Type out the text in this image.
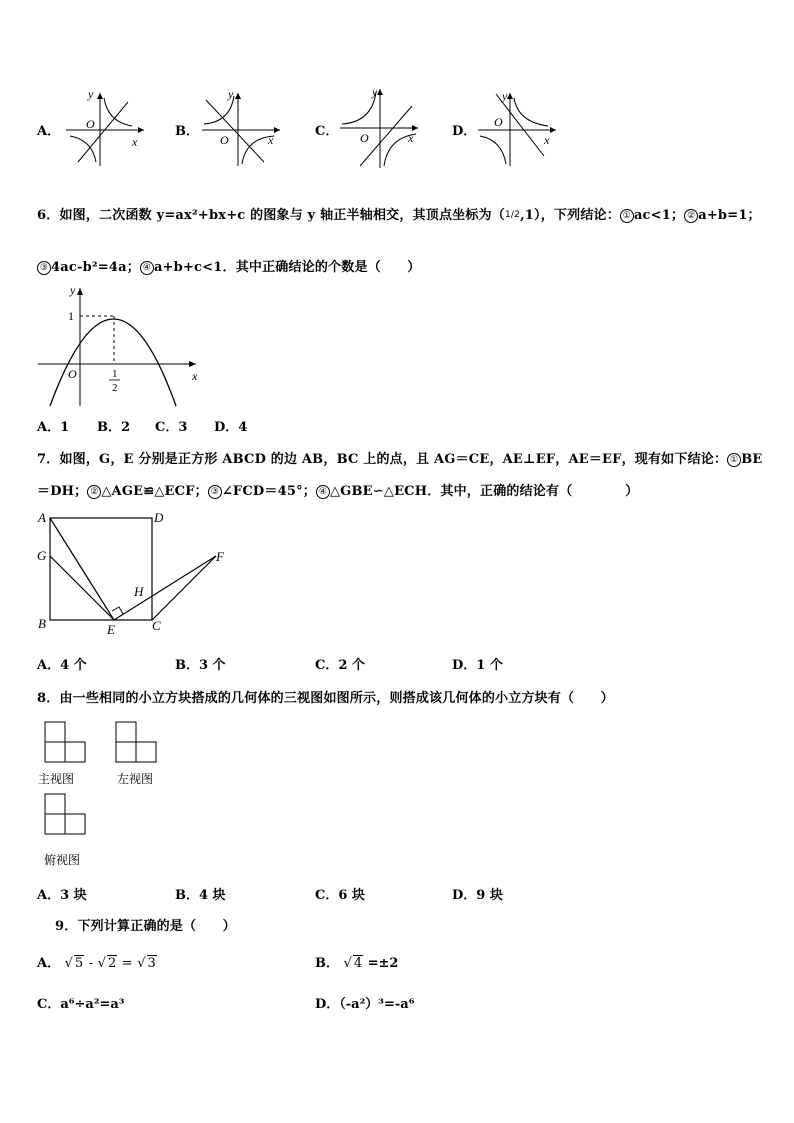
A．
y
O
x
B．
y
O	x
C．
y
O	x	D．
y
O
x
6．如图，二次函数 y=ax²+bx+c 的图象与 y 轴正半轴相交，其顶点坐标为（1/2,1），下列结论： ① ac<1； ② a+b=1；
③ 4ac-b²=4a； ④ a+b+c<1．其中正确结论的个数是（　　）
y
x
O
1
1
2
A．1 B．2 C．3 D．4
7．如图，G，E 分别是正方形 ABCD 的边 AB，BC 上的点，且 AG＝CE，AE⊥EF，AE＝EF，现有如下结论： ① BE
＝DH； ② △AGE≌△ECF； ③ ∠FCD＝45°； ④ △GBE∽△ECH．其中，正确的结论有（　　　　）
A	D
G	F
H
B	E	C
A．4 个	B．3 个	C．2 个	D．1 个
8．由一些相同的小立方块搭成的几何体的三视图如图所示，则搭成该几何体的小立方块有（　　）
主视图	左视图
俯视图
A．3 块	B．4 块	C．6 块	D．9 块
9．下列计算正确的是（　　）
A． √ 5 - √ 2 = √ 3	B． √ 4 =±2
C．a⁶÷a²=a³	D．（-a²）³=-a⁶
